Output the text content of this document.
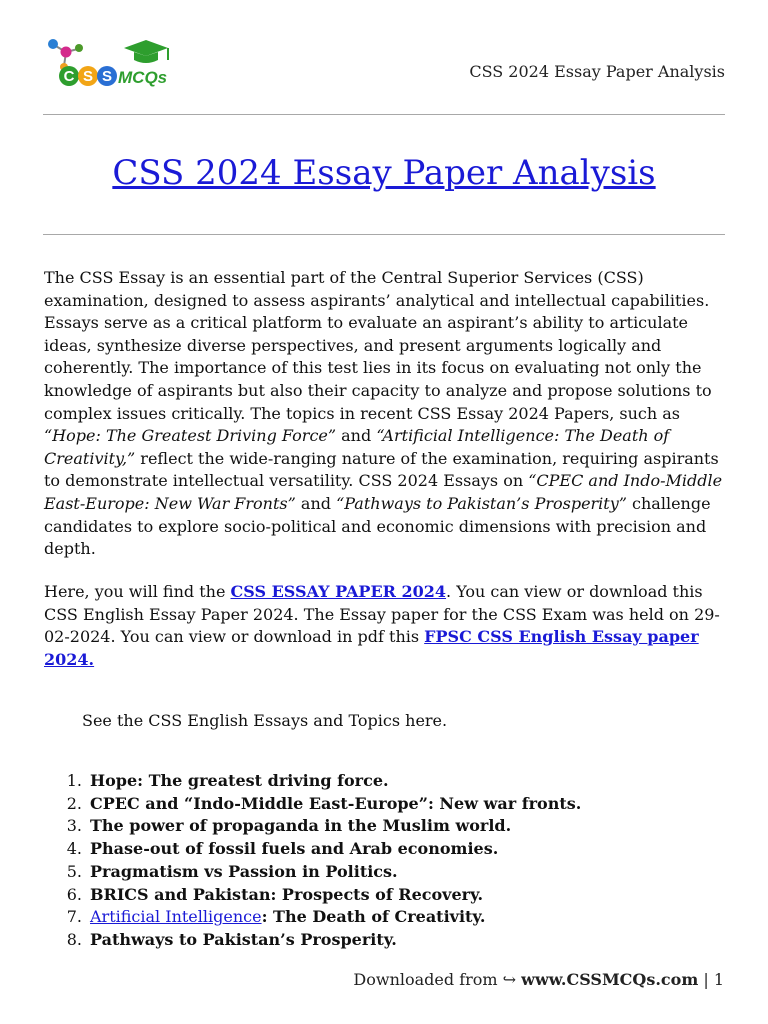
C S S MCQs	CSS 2024 Essay Paper Analysis
CSS 2024 Essay Paper Analysis

The CSS Essay is an essential part of the Central Superior Services (CSS) examination, designed to assess aspirants’ analytical and intellectual capabilities. Essays serve as a critical platform to evaluate an aspirant’s ability to articulate ideas, synthesize diverse perspectives, and present arguments logically and coherently. The importance of this test lies in its focus on evaluating not only the knowledge of aspirants but also their capacity to analyze and propose solutions to complex issues critically. The topics in recent CSS Essay 2024 Papers, such as “Hope: The Greatest Driving Force” and “Artificial Intelligence: The Death of Creativity,” reflect the wide-ranging nature of the examination, requiring aspirants to demonstrate intellectual versatility. CSS 2024 Essays on “CPEC and Indo-Middle East-Europe: New War Fronts” and “Pathways to Pakistan’s Prosperity” challenge candidates to explore socio-political and economic dimensions with precision and depth.

Here, you will find the CSS ESSAY PAPER 2024. You can view or download this CSS English Essay Paper 2024. The Essay paper for the CSS Exam was held on 29-02-2024. You can view or download in pdf this FPSC CSS English Essay paper 2024.

See the CSS English Essays and Topics here.

1. Hope: The greatest driving force.
2. CPEC and “Indo-Middle East-Europe”: New war fronts.
3. The power of propaganda in the Muslim world.
4. Phase-out of fossil fuels and Arab economies.
5. Pragmatism vs Passion in Politics.
6. BRICS and Pakistan: Prospects of Recovery.
7. Artificial Intelligence: The Death of Creativity.
8. Pathways to Pakistan’s Prosperity.
Downloaded from ↪ www.CSSMCQs.com | 1
